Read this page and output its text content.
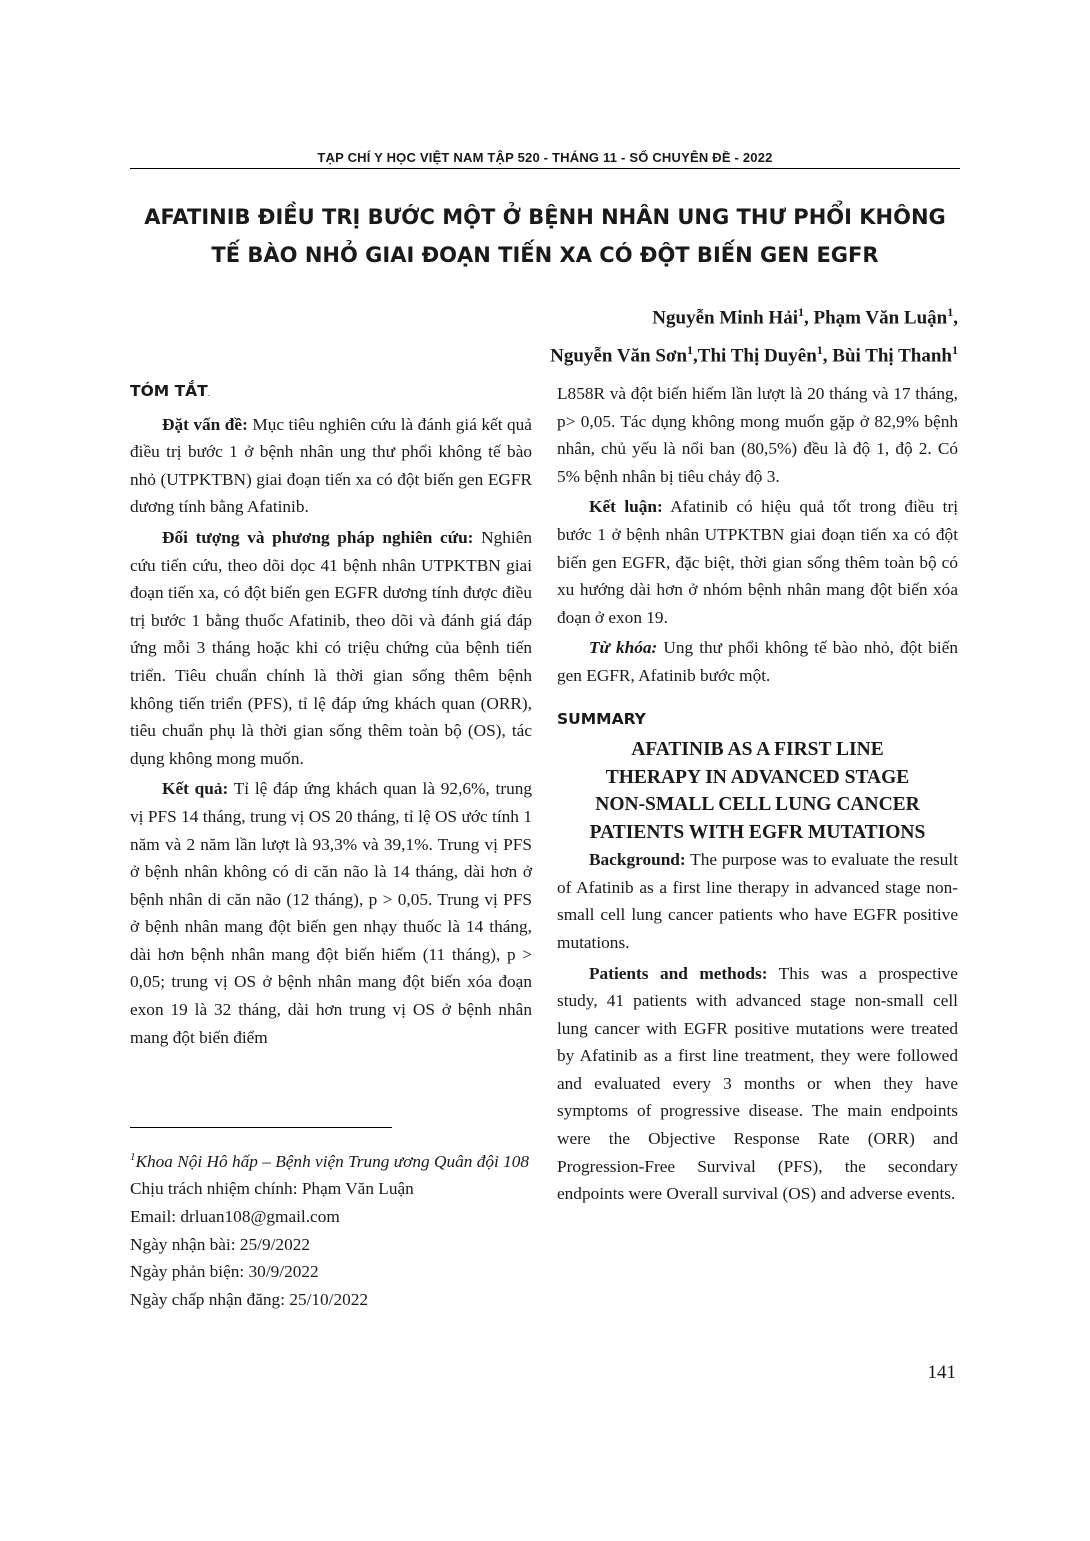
TẠP CHÍ Y HỌC VIỆT NAM TẬP 520 - THÁNG 11 - SỐ CHUYÊN ĐỀ - 2022
AFATINIB ĐIỀU TRỊ BƯỚC MỘT Ở BỆNH NHÂN UNG THƯ PHỔI KHÔNG
TẾ BÀO NHỎ GIAI ĐOẠN TIẾN XA CÓ ĐỘT BIẾN GEN EGFR
Nguyễn Minh Hải$^1$, Phạm Văn Luận$^1$,
Nguyễn Văn Sơn$^1$,Thi Thị Duyên$^1$, Bùi Thị Thanh$^1$
TÓM TẮT.

Đặt vấn đề: Mục tiêu nghiên cứu là đánh giá kết quả điều trị bước 1 ở bệnh nhân ung thư phổi không tế bào nhỏ (UTPKTBN) giai đoạn tiến xa có đột biến gen EGFR dương tính bằng Afatinib.

Đối tượng và phương pháp nghiên cứu: Nghiên cứu tiến cứu, theo dõi dọc 41 bệnh nhân UTPKTBN giai đoạn tiến xa, có đột biến gen EGFR dương tính được điều trị bước 1 bằng thuốc Afatinib, theo dõi và đánh giá đáp ứng mỗi 3 tháng hoặc khi có triệu chứng của bệnh tiến triển. Tiêu chuẩn chính là thời gian sống thêm bệnh không tiến triển (PFS), tỉ lệ đáp ứng khách quan (ORR), tiêu chuẩn phụ là thời gian sống thêm toàn bộ (OS), tác dụng không mong muốn.

Kết quả: Tỉ lệ đáp ứng khách quan là 92,6%, trung vị PFS 14 tháng, trung vị OS 20 tháng, tỉ lệ OS ước tính 1 năm và 2 năm lần lượt là 93,3% và 39,1%. Trung vị PFS ở bệnh nhân không có di căn não là 14 tháng, dài hơn ở bệnh nhân di căn não (12 tháng), p > 0,05. Trung vị PFS ở bệnh nhân mang đột biến gen nhạy thuốc là 14 tháng, dài hơn bệnh nhân mang đột biến hiếm (11 tháng), p > 0,05; trung vị OS ở bệnh nhân mang đột biến xóa đoạn exon 19 là 32 tháng, dài hơn trung vị OS ở bệnh nhân mang đột biến điểm

$^1$Khoa Nội Hô hấp – Bệnh viện Trung ương Quân đội 108
Chịu trách nhiệm chính: Phạm Văn Luận
Email: drluan108@gmail.com
Ngày nhận bài: 25/9/2022
Ngày phản biện: 30/9/2022
Ngày chấp nhận đăng: 25/10/2022

L858R và đột biến hiếm lần lượt là 20 tháng và 17 tháng, p> 0,05. Tác dụng không mong muốn gặp ở 82,9% bệnh nhân, chủ yếu là nổi ban (80,5%) đều là độ 1, độ 2. Có 5% bệnh nhân bị tiêu chảy độ 3.

Kết luận: Afatinib có hiệu quả tốt trong điều trị bước 1 ở bệnh nhân UTPKTBN giai đoạn tiến xa có đột biến gen EGFR, đặc biệt, thời gian sống thêm toàn bộ có xu hướng dài hơn ở nhóm bệnh nhân mang đột biến xóa đoạn ở exon 19.

Từ khóa: Ung thư phổi không tế bào nhỏ, đột biến gen EGFR, Afatinib bước một.

SUMMARY
AFATINIB AS A FIRST LINE
THERAPY IN ADVANCED STAGE
NON-SMALL CELL LUNG CANCER
PATIENTS WITH EGFR MUTATIONS

Background: The purpose was to evaluate the result of Afatinib as a first line therapy in advanced stage non-small cell lung cancer patients who have EGFR positive mutations.

Patients and methods: This was a prospective study, 41 patients with advanced stage non-small cell lung cancer with EGFR positive mutations were treated by Afatinib as a first line treatment, they were followed and evaluated every 3 months or when they have symptoms of progressive disease. The main endpoints were the Objective Response Rate (ORR) and Progression-Free Survival (PFS), the secondary endpoints were Overall survival (OS) and adverse events.

141
